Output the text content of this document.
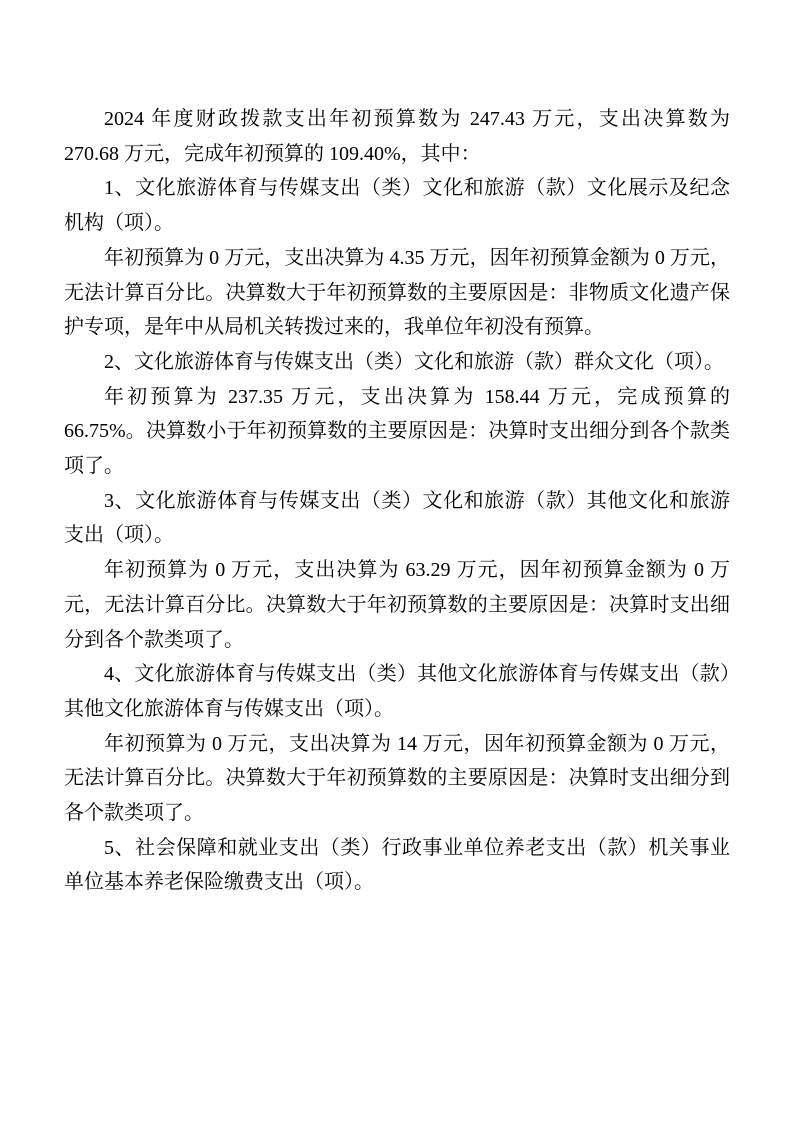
2024 年度财政拨款支出年初预算数为 247.43 万元，支出决算数为 270.68 万元，完成年初预算的 109.40%，其中：

1、文化旅游体育与传媒支出（类）文化和旅游（款）文化展示及纪念机构（项）。

年初预算为 0 万元，支出决算为 4.35 万元，因年初预算金额为 0 万元，无法计算百分比。决算数大于年初预算数的主要原因是：非物质文化遗产保护专项，是年中从局机关转拨过来的，我单位年初没有预算。

2、文化旅游体育与传媒支出（类）文化和旅游（款）群众文化（项）。

年初预算为 237.35 万元，支出决算为 158.44 万元，完成预算的 66.75%。决算数小于年初预算数的主要原因是：决算时支出细分到各个款类项了。

3、文化旅游体育与传媒支出（类）文化和旅游（款）其他文化和旅游支出（项）。

年初预算为 0 万元，支出决算为 63.29 万元，因年初预算金额为 0 万元，无法计算百分比。决算数大于年初预算数的主要原因是：决算时支出细分到各个款类项了。

4、文化旅游体育与传媒支出（类）其他文化旅游体育与传媒支出（款）其他文化旅游体育与传媒支出（项）。

年初预算为 0 万元，支出决算为 14 万元，因年初预算金额为 0 万元，无法计算百分比。决算数大于年初预算数的主要原因是：决算时支出细分到各个款类项了。

5、社会保障和就业支出（类）行政事业单位养老支出（款）机关事业单位基本养老保险缴费支出（项）。
